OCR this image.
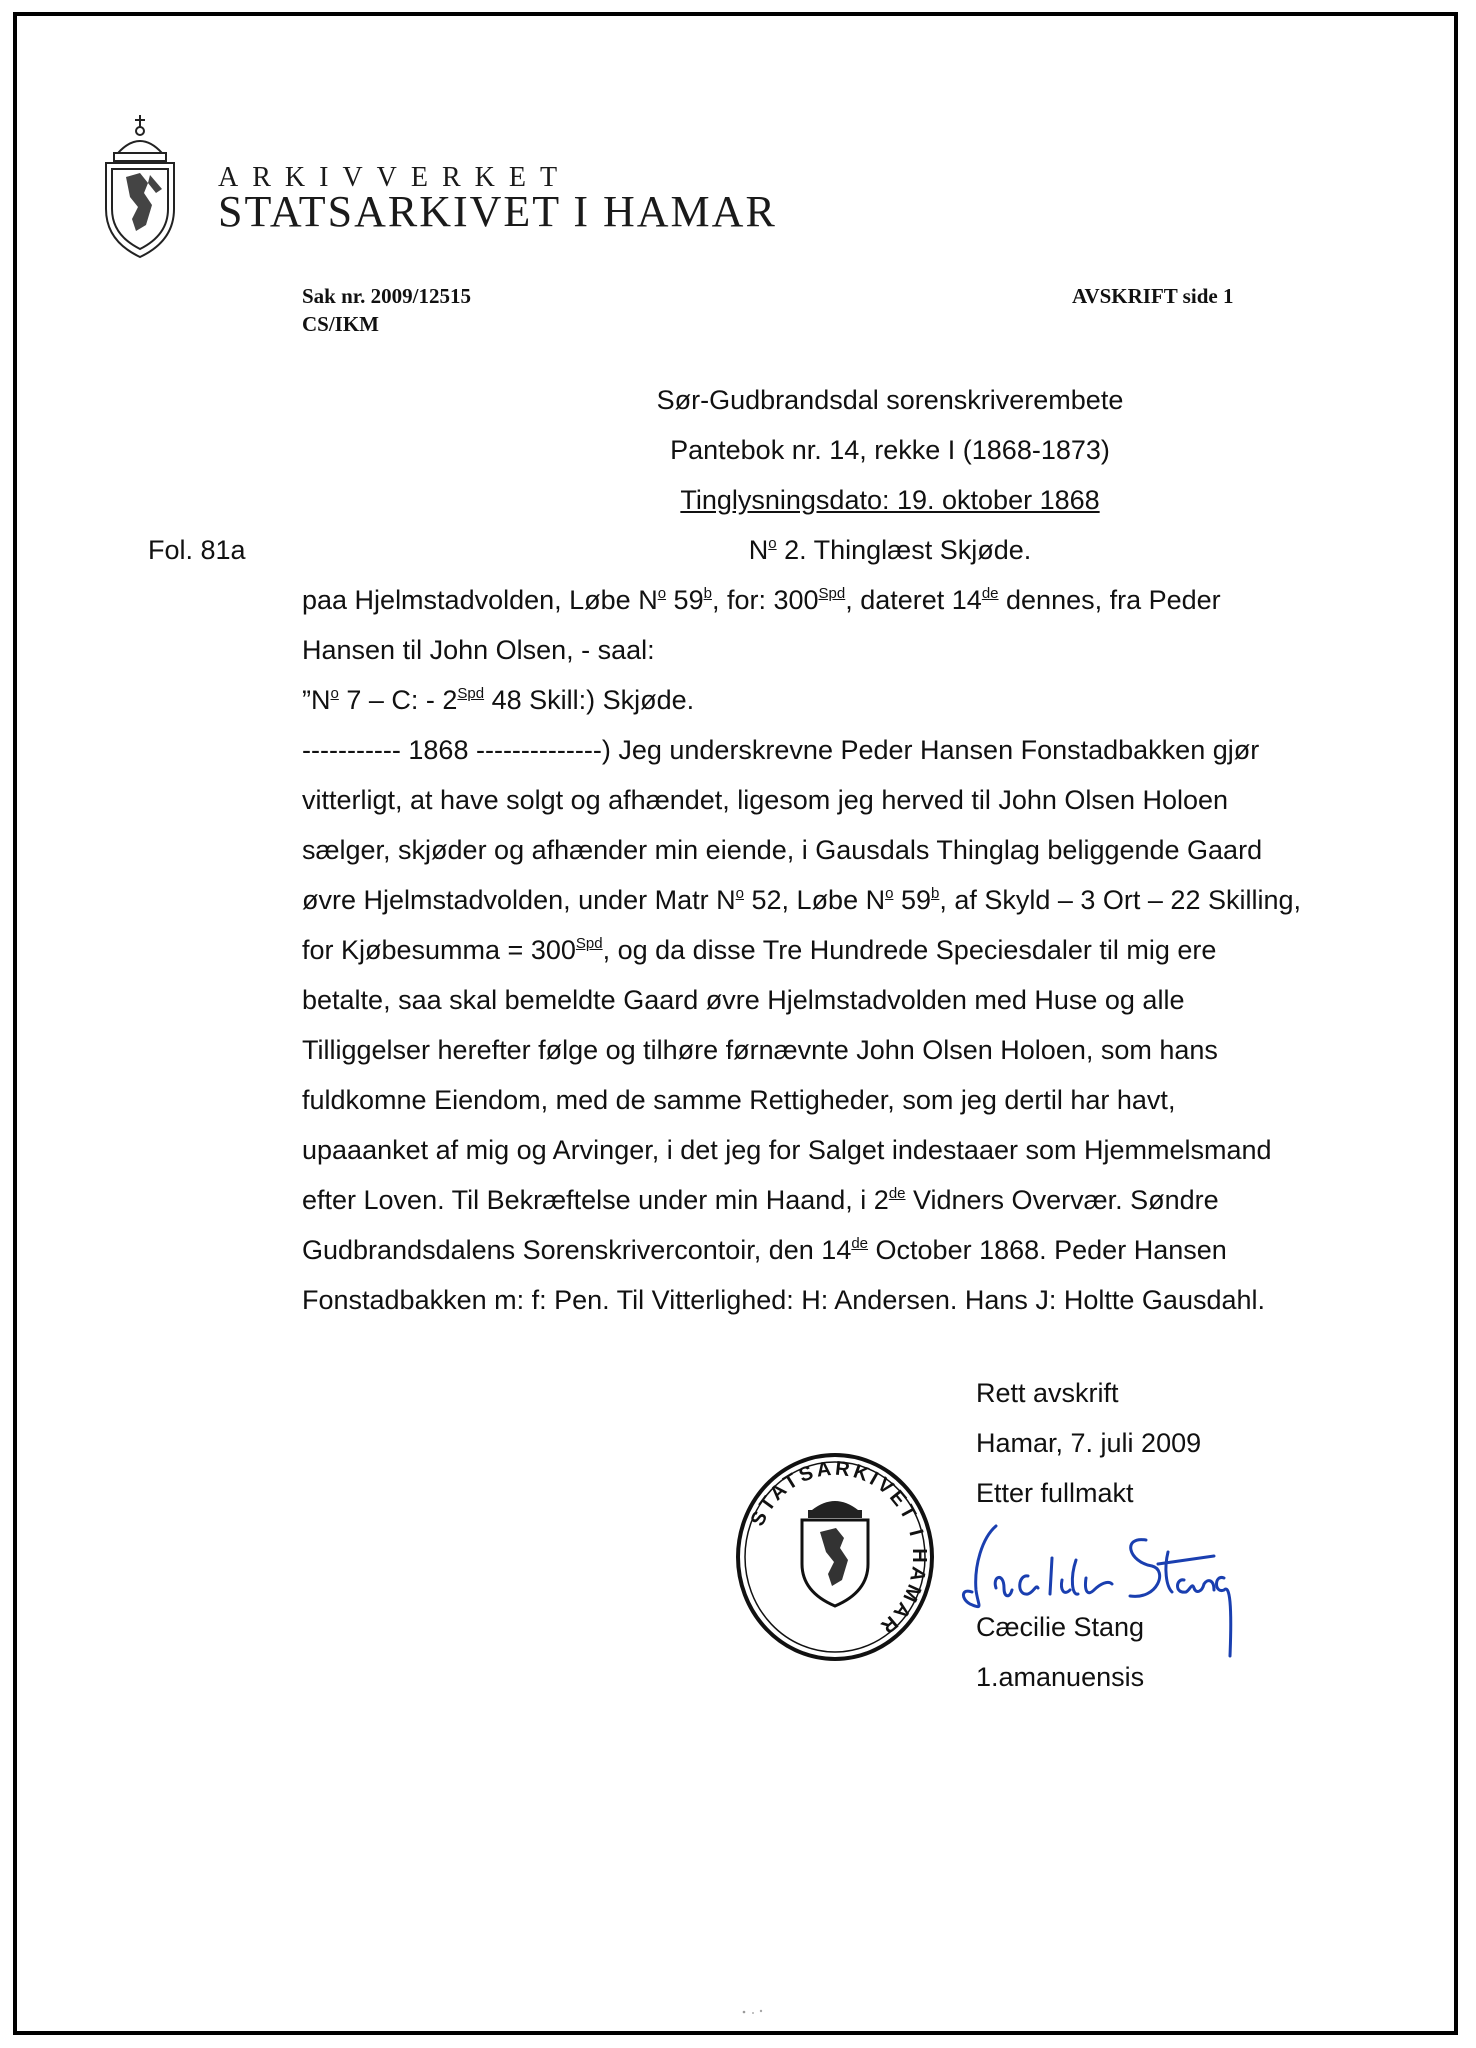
ARKIVVERKET
STATSARKIVET I HAMAR
Sak nr. 2009/12515
CS/IKM
AVSKRIFT side 1
Sør-Gudbrandsdal sorenskriverembete
Pantebok nr. 14, rekke I (1868-1873)
Tinglysningsdato: 19. oktober 1868
Fol. 81a	$N^o$ 2. Thinglæst Skjøde.
paa Hjelmstadvolden, Løbe $N^o$ 59$^b$, for: $300^{Spd}$, dateret 14de dennes, fra Peder
Hansen til John Olsen, - saal:
$”N^o$ 7 – C: - $2^{Spd}$ 48 Skill:) Skjøde.
----------- 1868 --------------) Jeg underskrevne Peder Hansen Fonstadbakken gjør
vitterligt, at have solgt og afhændet, ligesom jeg herved til John Olsen Holoen
sælger, skjøder og afhænder min eiende, i Gausdals Thinglag beliggende Gaard
øvre Hjelmstadvolden, under Matr $N^o$ 52, Løbe $N^o$ 59$^b$, af Skyld – 3 Ort – 22 Skilling,
for Kjøbesumma = $300^{Spd}$, og da disse Tre Hundrede Speciesdaler til mig ere
betalte, saa skal bemeldte Gaard øvre Hjelmstadvolden med Huse og alle
Tilliggelser herefter følge og tilhøre førnævnte John Olsen Holoen, som hans
fuldkomne Eiendom, med de samme Rettigheder, som jeg dertil har havt,
upaaanket af mig og Arvinger, i det jeg for Salget indestaaer som Hjemmelsmand
efter Loven. Til Bekræftelse under min Haand, i 2de Vidners Overvær. Søndre
Gudbrandsdalens Sorenskrivercontoir, den 14de October 1868. Peder Hansen
Fonstadbakken m: f: Pen. Til Vitterlighed: H: Andersen. Hans J: Holtte Gausdahl.
Rett avskrift
Hamar, 7. juli 2009
Etter fullmakt
Cæcilie Stang
1.amanuensis
STATSARKIVET I HAMAR
